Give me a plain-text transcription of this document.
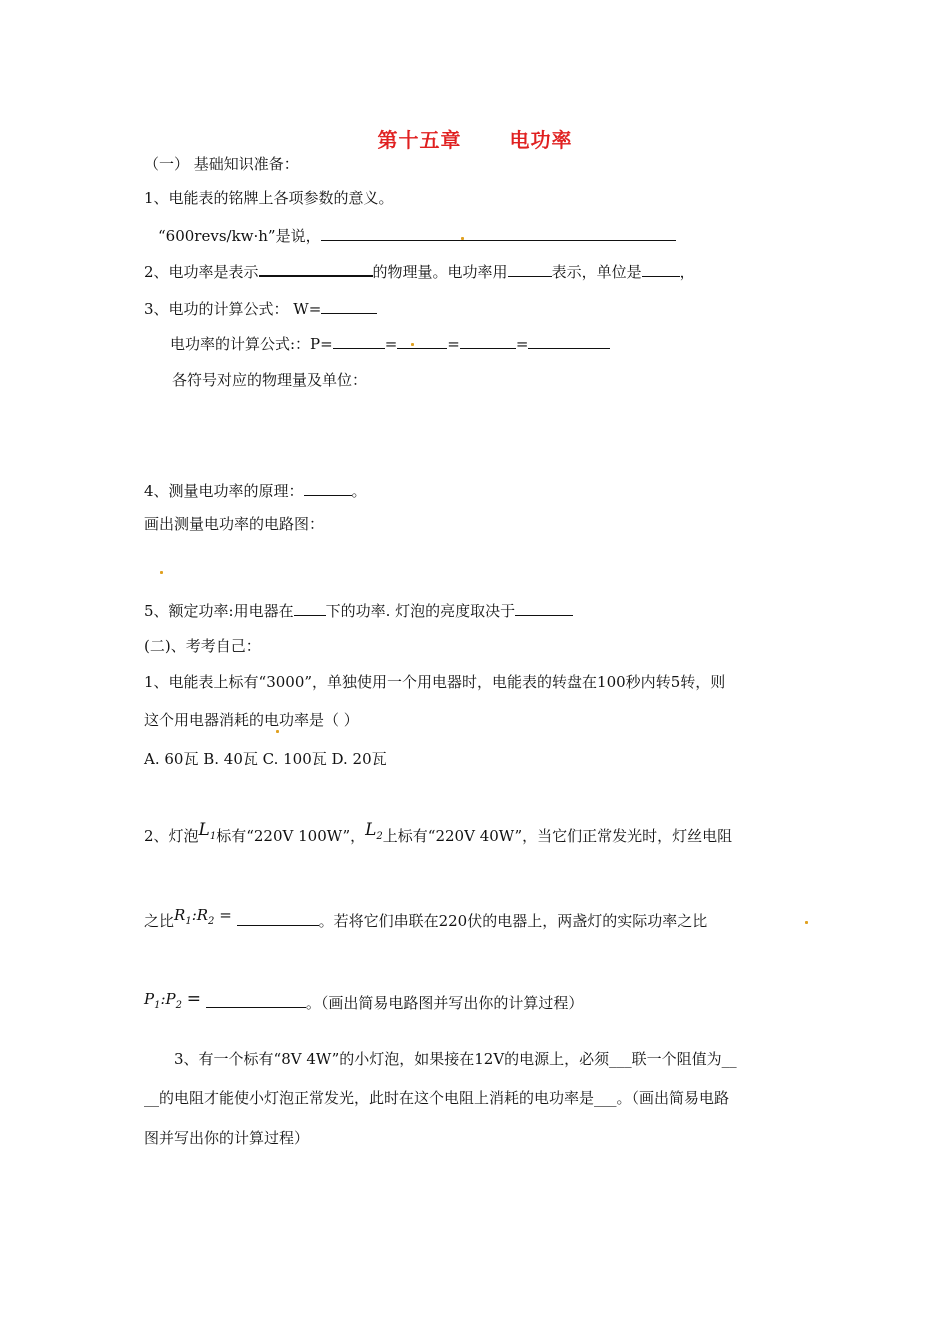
第十五章 电功率
（一） 基础知识准备：
1、电能表的铭牌上各项参数的意义。
“600revs/kw·h”是说，
2、电功率是表示	的物理量。电功率用	表示，单位是	，
3、电功的计算公式： W=
电功率的计算公式:：P=	=	=	=
各符号对应的物理量及单位：
4、测量电功率的原理：	。
画出测量电功率的电路图：
5、额定功率:用电器在 下的功率. 灯泡的亮度取决于
(二)、考考自己：
1、电能表上标有“3000”，单独使用一个用电器时，电能表的转盘在100秒内转5转，则
这个用电器消耗的电功率是（ ）
A. 60瓦 B. 40瓦 C. 100瓦 D. 20瓦
2、灯泡$L_1$标有“220V 100W”，$L_2$上标有“220V 40W”，当它们正常发光时，灯丝电阻
之比$R_1:R_2$ =	。若将它们串联在220伏的电器上，两盏灯的实际功率之比
$P_1:P_2$ =	。（画出简易电路图并写出你的计算过程）
3、有一个标有“8V 4W”的小灯泡，如果接在12V的电源上，必须___联一个阻值为__
__的电阻才能使小灯泡正常发光，此时在这个电阻上消耗的电功率是___。（画出简易电路
图并写出你的计算过程）
